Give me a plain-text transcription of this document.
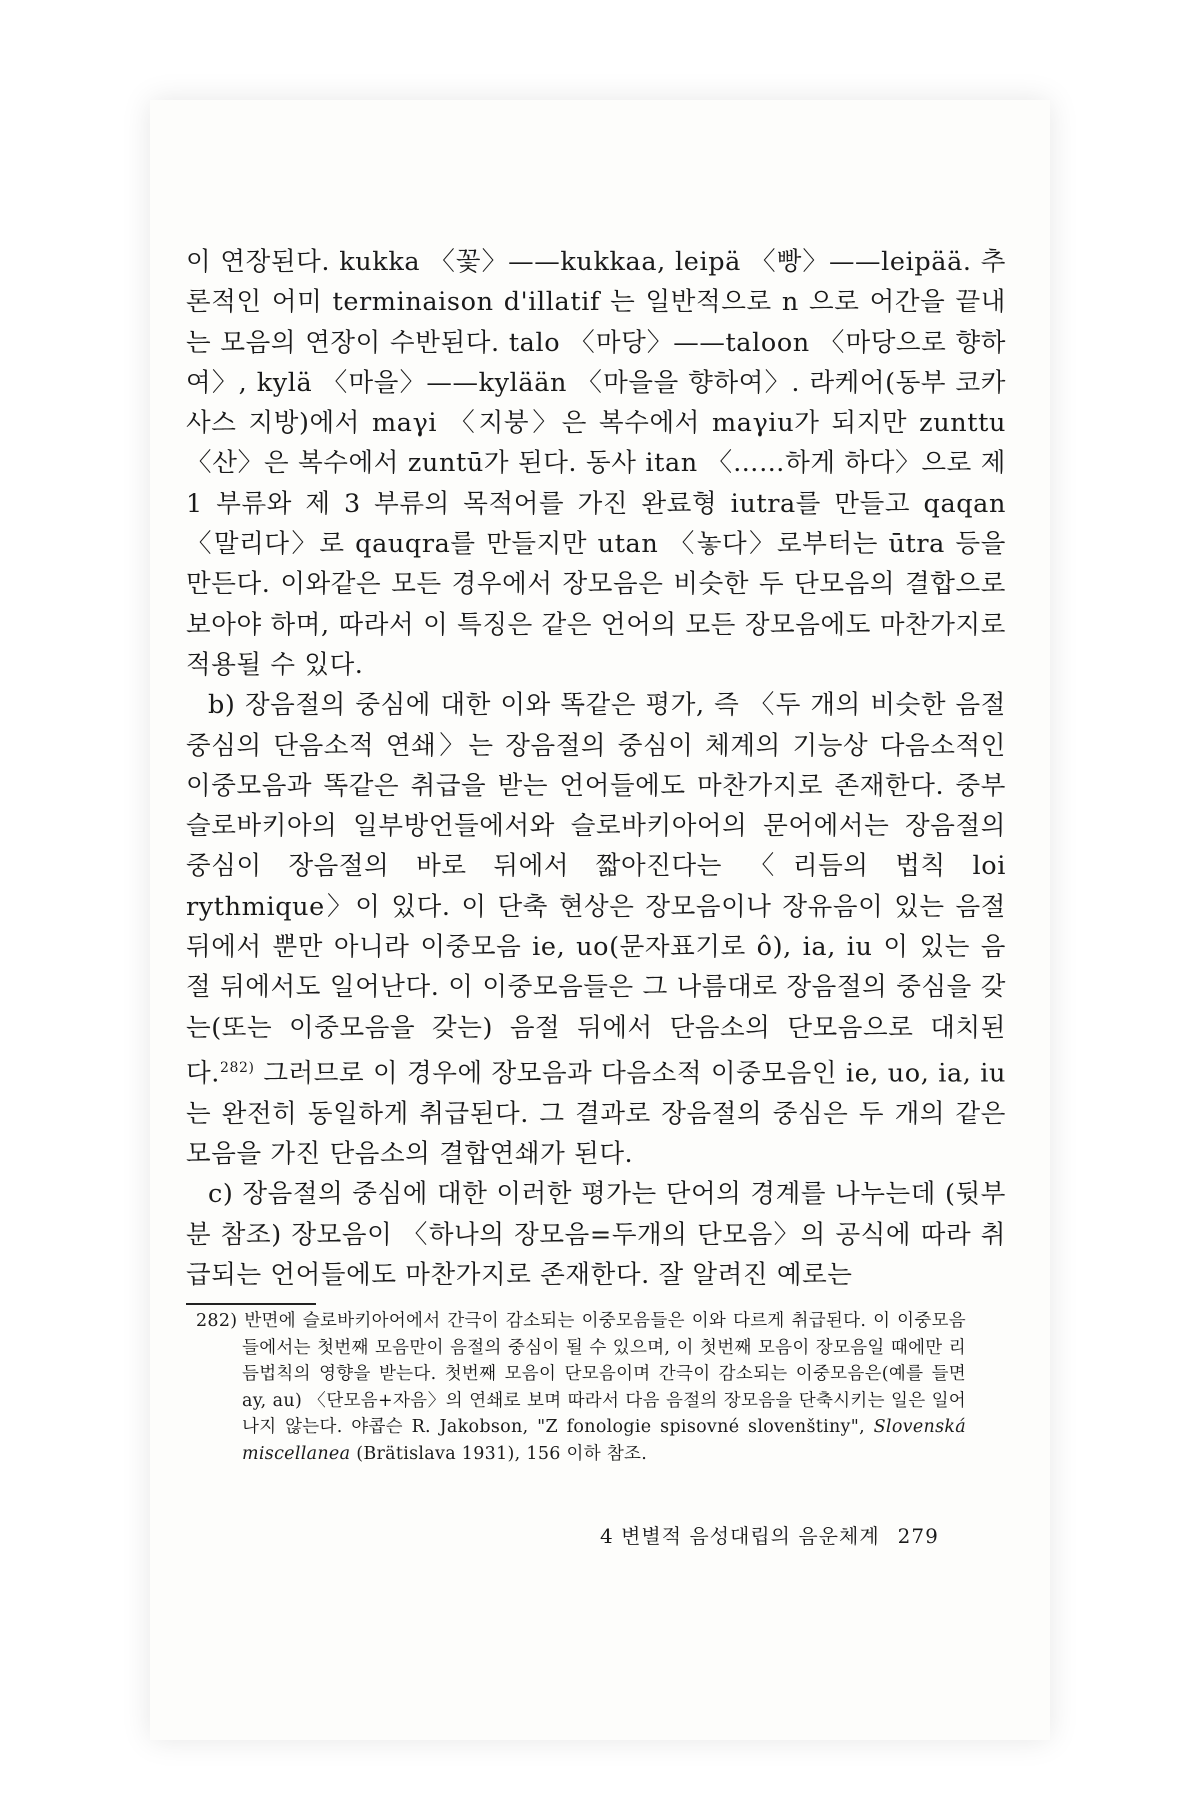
이 연장된다. kukka 〈꽃〉——kukkaa, leipä 〈빵〉——leipää. 추론적인 어미 terminaison d'illatif 는 일반적으로 n 으로 어간을 끝내는 모음의 연장이 수반된다. talo 〈마당〉——taloon 〈마당으로 향하여〉, kylä 〈마을〉——kylään 〈마을을 향하여〉. 라케어(동부 코카사스 지방)에서 maγi 〈지붕〉은 복수에서 maγiu가 되지만 zunttu 〈산〉은 복수에서 zuntū가 된다. 동사 itan 〈……하게 하다〉으로 제 1 부류와 제 3 부류의 목적어를 가진 완료형 iutra를 만들고 qaqan 〈말리다〉로 qauqra를 만들지만 utan 〈놓다〉로부터는 ūtra 등을 만든다. 이와같은 모든 경우에서 장모음은 비슷한 두 단모음의 결합으로 보아야 하며, 따라서 이 특징은 같은 언어의 모든 장모음에도 마찬가지로 적용될 수 있다.

b) 장음절의 중심에 대한 이와 똑같은 평가, 즉 〈두 개의 비슷한 음절 중심의 단음소적 연쇄〉는 장음절의 중심이 체계의 기능상 다음소적인 이중모음과 똑같은 취급을 받는 언어들에도 마찬가지로 존재한다. 중부 슬로바키아의 일부방언들에서와 슬로바키아어의 문어에서는 장음절의 중심이 장음절의 바로 뒤에서 짧아진다는 〈리듬의 법칙 loi rythmique〉이 있다. 이 단축 현상은 장모음이나 장유음이 있는 음절 뒤에서 뿐만 아니라 이중모음 ie, uo(문자표기로 ô), ia, iu 이 있는 음절 뒤에서도 일어난다. 이 이중모음들은 그 나름대로 장음절의 중심을 갖는(또는 이중모음을 갖는) 음절 뒤에서 단음소의 단모음으로 대치된다.$^{282)}$ 그러므로 이 경우에 장모음과 다음소적 이중모음인 ie, uo, ia, iu 는 완전히 동일하게 취급된다. 그 결과로 장음절의 중심은 두 개의 같은 모음을 가진 단음소의 결합연쇄가 된다.

c) 장음절의 중심에 대한 이러한 평가는 단어의 경계를 나누는데 (뒷부분 참조) 장모음이 〈하나의 장모음=두개의 단모음〉의 공식에 따라 취급되는 언어들에도 마찬가지로 존재한다. 잘 알려진 예로는

282) 반면에 슬로바키아어에서 간극이 감소되는 이중모음들은 이와 다르게 취급된다. 이 이중모음들에서는 첫번째 모음만이 음절의 중심이 될 수 있으며, 이 첫번째 모음이 장모음일 때에만 리듬법칙의 영향을 받는다. 첫번째 모음이 단모음이며 간극이 감소되는 이중모음은(예를 들면 ay, au) 〈단모음+자음〉의 연쇄로 보며 따라서 다음 음절의 장모음을 단축시키는 일은 일어나지 않는다. 야콥슨 R. Jakobson, "Z fonologie spisovné slovenštiny", Slovenská miscellanea (Brätislava 1931), 156 이하 참조.

4 변별적 음성대립의 음운체계 279
